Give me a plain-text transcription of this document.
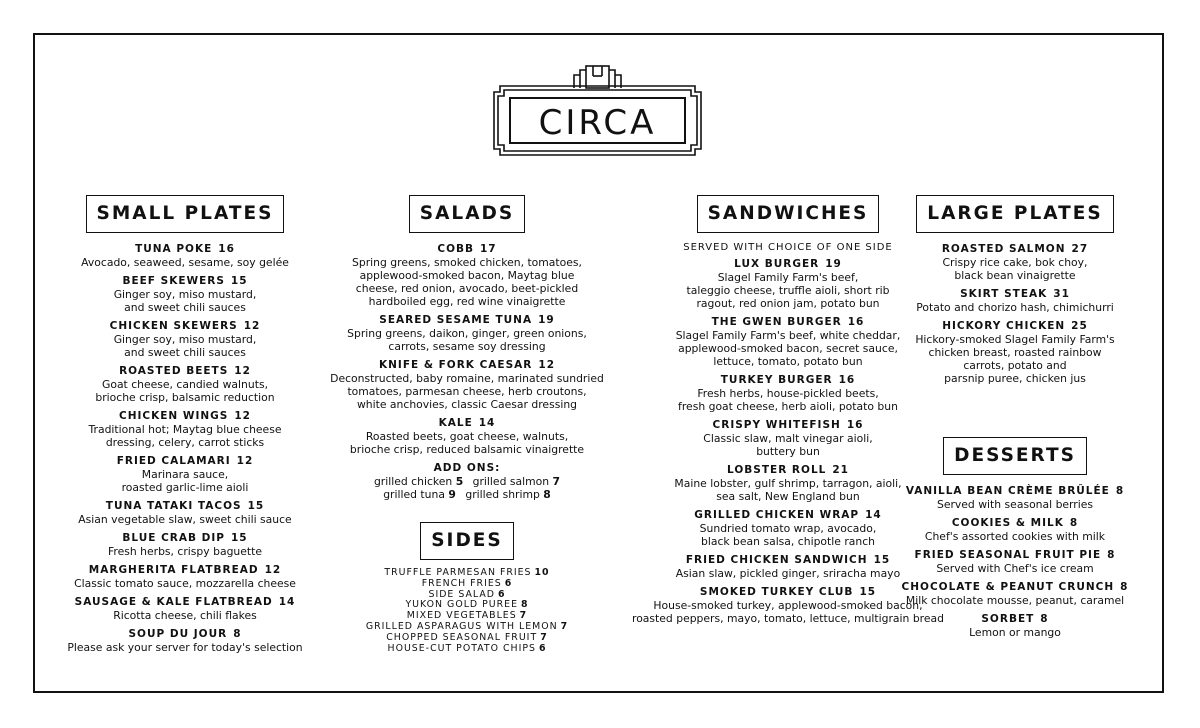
CIRCA
SMALL PLATES
TUNA POKE 16
Avocado, seaweed, sesame, soy gelée
BEEF SKEWERS 15
Ginger soy, miso mustard,
and sweet chili sauces
CHICKEN SKEWERS 12
Ginger soy, miso mustard,
and sweet chili sauces
ROASTED BEETS 12
Goat cheese, candied walnuts,
brioche crisp, balsamic reduction
CHICKEN WINGS 12
Traditional hot; Maytag blue cheese
dressing, celery, carrot sticks
FRIED CALAMARI 12
Marinara sauce,
roasted garlic-lime aioli
TUNA TATAKI TACOS 15
Asian vegetable slaw, sweet chili sauce
BLUE CRAB DIP 15
Fresh herbs, crispy baguette
MARGHERITA FLATBREAD 12
Classic tomato sauce, mozzarella cheese
SAUSAGE & KALE FLATBREAD 14
Ricotta cheese, chili flakes
SOUP DU JOUR 8
Please ask your server for today's selection
SALADS
COBB 17
Spring greens, smoked chicken, tomatoes,
applewood-smoked bacon, Maytag blue
cheese, red onion, avocado, beet-pickled
hardboiled egg, red wine vinaigrette
SEARED SESAME TUNA 19
Spring greens, daikon, ginger, green onions,
carrots, sesame soy dressing
KNIFE & FORK CAESAR 12
Deconstructed, baby romaine, marinated sundried
tomatoes, parmesan cheese, herb croutons,
white anchovies, classic Caesar dressing
KALE 14
Roasted beets, goat cheese, walnuts,
brioche crisp, reduced balsamic vinaigrette
ADD ONS:
grilled chicken 5 grilled salmon 7
grilled tuna 9 grilled shrimp 8
SIDES
TRUFFLE PARMESAN FRIES 10
FRENCH FRIES 6
SIDE SALAD 6
YUKON GOLD PUREE 8
MIXED VEGETABLES 7
GRILLED ASPARAGUS WITH LEMON 7
CHOPPED SEASONAL FRUIT 7
HOUSE-CUT POTATO CHIPS 6
SANDWICHES
SERVED WITH CHOICE OF ONE SIDE
LUX BURGER 19
Slagel Family Farm's beef,
taleggio cheese, truffle aioli, short rib
ragout, red onion jam, potato bun
THE GWEN BURGER 16
Slagel Family Farm's beef, white cheddar,
applewood-smoked bacon, secret sauce,
lettuce, tomato, potato bun
TURKEY BURGER 16
Fresh herbs, house-pickled beets,
fresh goat cheese, herb aioli, potato bun
CRISPY WHITEFISH 16
Classic slaw, malt vinegar aioli,
buttery bun
LOBSTER ROLL 21
Maine lobster, gulf shrimp, tarragon, aioli,
sea salt, New England bun
GRILLED CHICKEN WRAP 14
Sundried tomato wrap, avocado,
black bean salsa, chipotle ranch
FRIED CHICKEN SANDWICH 15
Asian slaw, pickled ginger, sriracha mayo
SMOKED TURKEY CLUB 15
House-smoked turkey, applewood-smoked bacon,
roasted peppers, mayo, tomato, lettuce, multigrain bread
LARGE PLATES
ROASTED SALMON 27
Crispy rice cake, bok choy,
black bean vinaigrette
SKIRT STEAK 31
Potato and chorizo hash, chimichurri
HICKORY CHICKEN 25
Hickory-smoked Slagel Family Farm's
chicken breast, roasted rainbow
carrots, potato and
parsnip puree, chicken jus
DESSERTS
VANILLA BEAN CRÈME BRÛLÉE 8
Served with seasonal berries
COOKIES & MILK 8
Chef's assorted cookies with milk
FRIED SEASONAL FRUIT PIE 8
Served with Chef's ice cream
CHOCOLATE & PEANUT CRUNCH 8
Milk chocolate mousse, peanut, caramel
SORBET 8
Lemon or mango
